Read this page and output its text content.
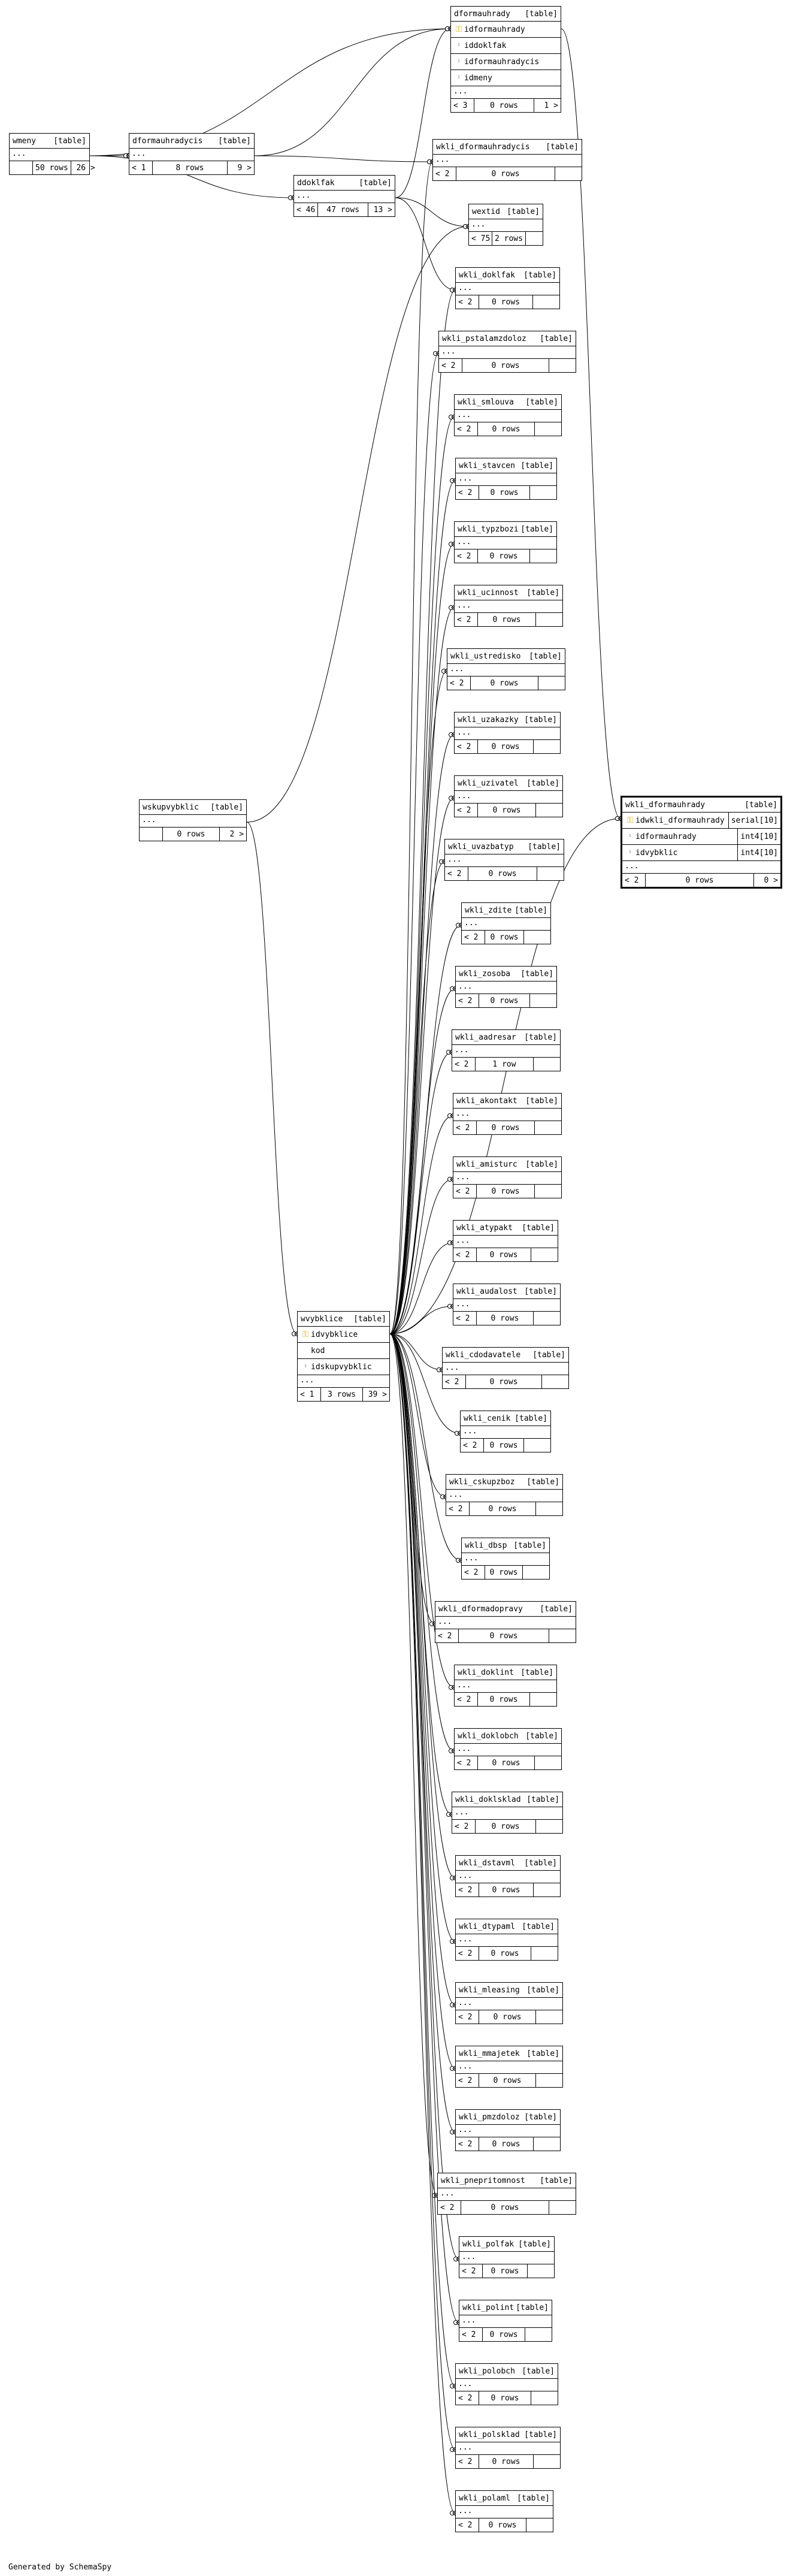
wmeny [table]
...
50 rows	26 >
dformauhradycis [table]
...
< 1	8 rows	9 >
dformauhrady [table]
⚿ idformauhrady
¹ iddoklfak
¹ idformauhradycis
¹ idmeny
...
< 3	0 rows	1 >
wkli_dformauhradycis [table]
...
< 2	0 rows
ddoklfak	[table]
...
< 46	47 rows	13 >	wextid [table]
...
< 75 2 rows
wkli_doklfak [table]
...
< 2	0 rows
wkli_pstalamzdoloz [table]
...
< 2	0 rows
wkli_smlouva [table]
...
< 2	0 rows
wkli_stavcen [table]
...
< 2	0 rows
wkli_typzbozi [table]
...
< 2	0 rows
wkli_ucinnost [table]
...
< 2	0 rows
wkli_ustredisko [table]
...
< 2	0 rows
wkli_uzakazky [table]
...
< 2	0 rows
wkli_uzivatel [table]
...
< 2	0 rows
wkli_uvazbatyp [table]
...
< 2	0 rows
wskupvybklic [table]
...
0 rows	2 >
wkli_dformauhrady	[table]
⚿ idwkli_dformauhrady serial[10]
¹ idformauhrady	int4[10]
¹ idvybklic	int4[10]
...
< 2	0 rows	0 >
wkli_zdite [table]
...
< 2	0 rows
wkli_zosoba [table]
...
< 2	0 rows
wkli_aadresar [table]
...
< 2	1 row
wkli_akontakt [table]
...
< 2	0 rows
wkli_amisturc [table]
...
< 2	0 rows
wkli_atypakt [table]
...
< 2	0 rows
wkli_audalost [table]
...
< 2	0 rows
wvybklice [table]
⚿ idvybklice
kod
¹ idskupvybklic
...
< 1	3 rows	39 >
wkli_cdodavatele [table]
...
< 2	0 rows
wkli_cenik [table]
...
< 2	0 rows
wkli_cskupzboz [table]
...
< 2	0 rows
wkli_dbsp [table]
...
< 2	0 rows
wkli_dformadopravy [table]
...
< 2	0 rows
wkli_doklint [table]
...
< 2	0 rows
wkli_doklobch [table]
...
< 2	0 rows
wkli_doklsklad [table]
...
< 2	0 rows
wkli_dstavml [table]
...
< 2	0 rows
wkli_dtypaml [table]
...
< 2	0 rows
wkli_mleasing [table]
...
< 2	0 rows
wkli_mmajetek [table]
...
< 2	0 rows
wkli_pmzdoloz [table]
...
< 2	0 rows
wkli_pnepritomnost [table]
...
< 2	0 rows
wkli_polfak [table]
...
< 2	0 rows
wkli_polint [table]
...
< 2	0 rows
wkli_polobch [table]
...
< 2	0 rows
wkli_polsklad [table]
...
< 2	0 rows
wkli_polaml [table]
...
< 2	0 rows
Generated by SchemaSpy
